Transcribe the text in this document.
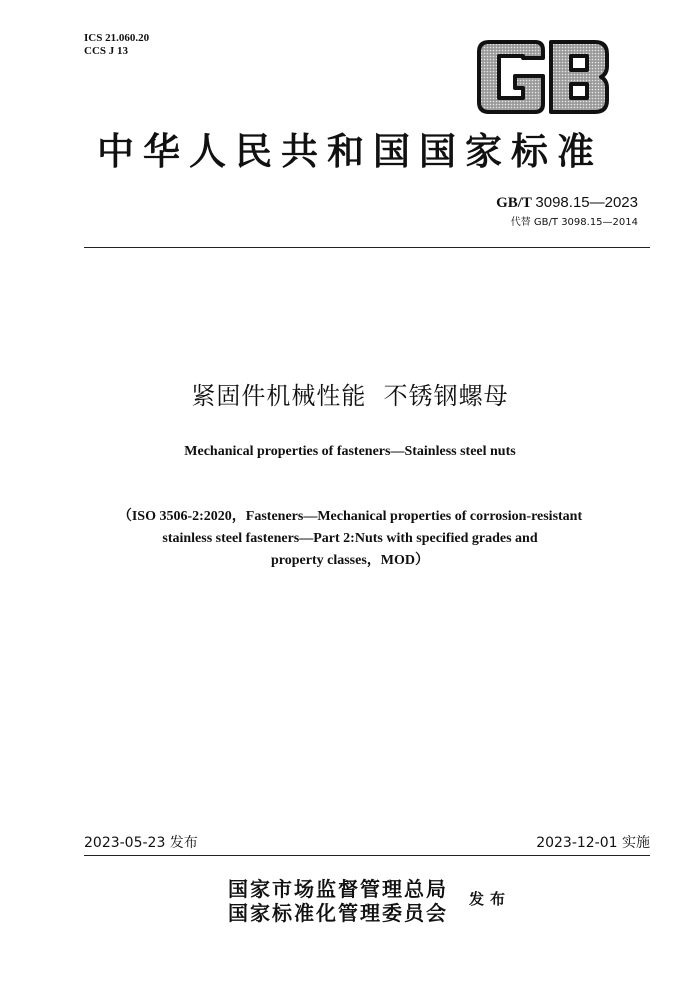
ICS 21.060.20
CCS J 13
中华人民共和国国家标准
GB/T 3098.15—2023
代替 GB/T 3098.15—2014
紧固件机械性能  不锈钢螺母
Mechanical properties of fasteners—Stainless steel nuts
（ISO 3506-2:2020，Fasteners—Mechanical properties of corrosion-resistant
stainless steel fasteners—Part 2:Nuts with specified grades and
property classes，MOD）
2023-05-23 发布	2023-12-01 实施
国家市场监督管理总局
国家标准化管理委员会
发布
